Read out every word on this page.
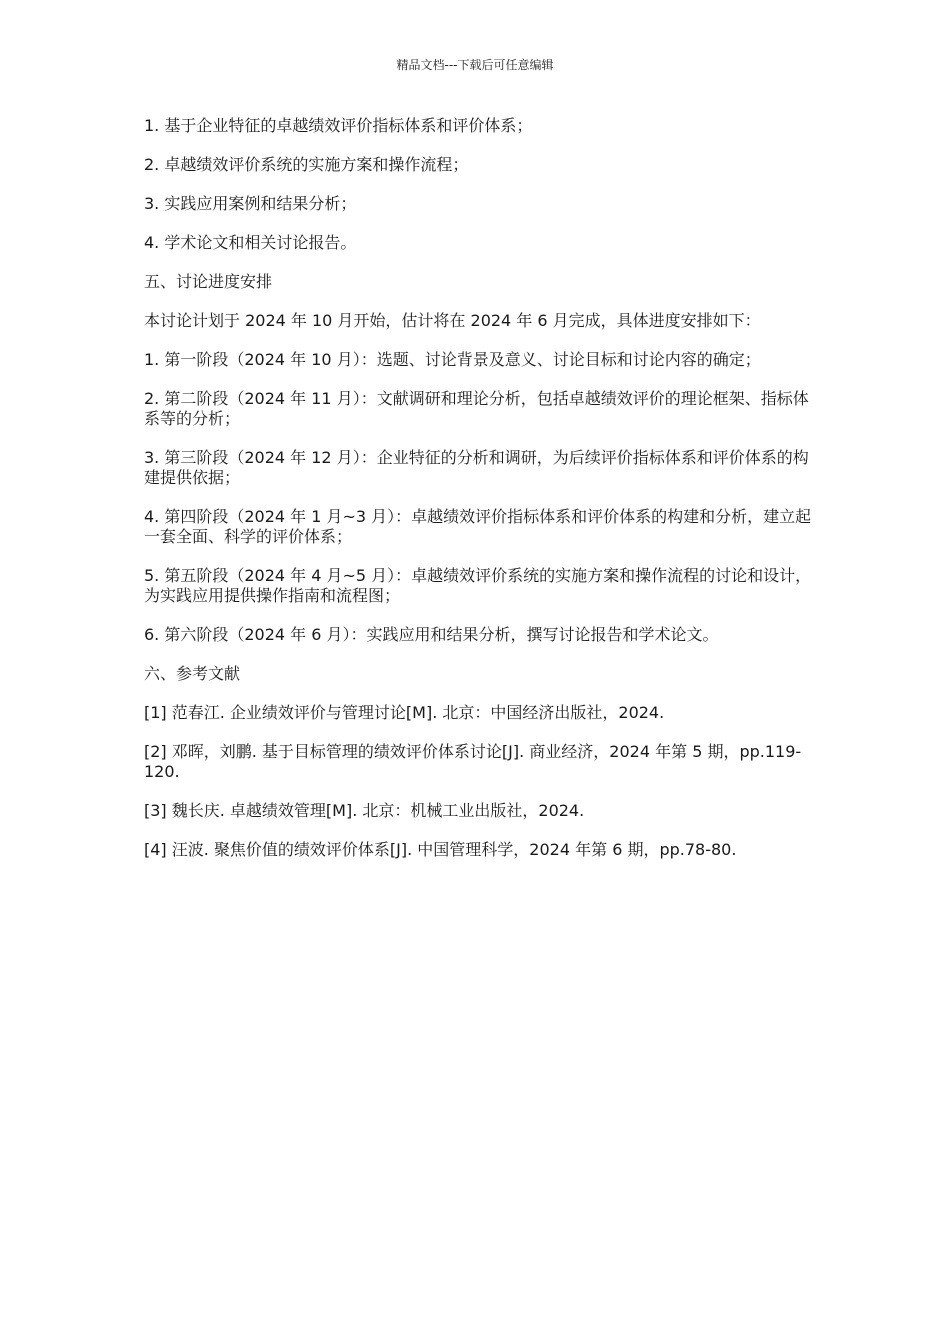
精品文档---下载后可任意编辑

1. 基于企业特征的卓越绩效评价指标体系和评价体系；

2. 卓越绩效评价系统的实施方案和操作流程；

3. 实践应用案例和结果分析；

4. 学术论文和相关讨论报告。

五、讨论进度安排

本讨论计划于 2024 年 10 月开始，估计将在 2024 年 6 月完成，具体进度安排如下：

1. 第一阶段（2024 年 10 月）：选题、讨论背景及意义、讨论目标和讨论内容的确定；

2. 第二阶段（2024 年 11 月）：文献调研和理论分析，包括卓越绩效评价的理论框架、指标体系等的分析；

3. 第三阶段（2024 年 12 月）：企业特征的分析和调研，为后续评价指标体系和评价体系的构建提供依据；

4. 第四阶段（2024 年 1 月~3 月）：卓越绩效评价指标体系和评价体系的构建和分析，建立起一套全面、科学的评价体系；

5. 第五阶段（2024 年 4 月~5 月）：卓越绩效评价系统的实施方案和操作流程的讨论和设计，为实践应用提供操作指南和流程图；

6. 第六阶段（2024 年 6 月）：实践应用和结果分析，撰写讨论报告和学术论文。

六、参考文献

[1] 范春江. 企业绩效评价与管理讨论[M]. 北京：中国经济出版社，2024.

[2] 邓晖，刘鹏. 基于目标管理的绩效评价体系讨论[J]. 商业经济，2024 年第 5 期，pp.119-120.

[3] 魏长庆. 卓越绩效管理[M]. 北京：机械工业出版社，2024.

[4] 汪波. 聚焦价值的绩效评价体系[J]. 中国管理科学，2024 年第 6 期，pp.78-80.
